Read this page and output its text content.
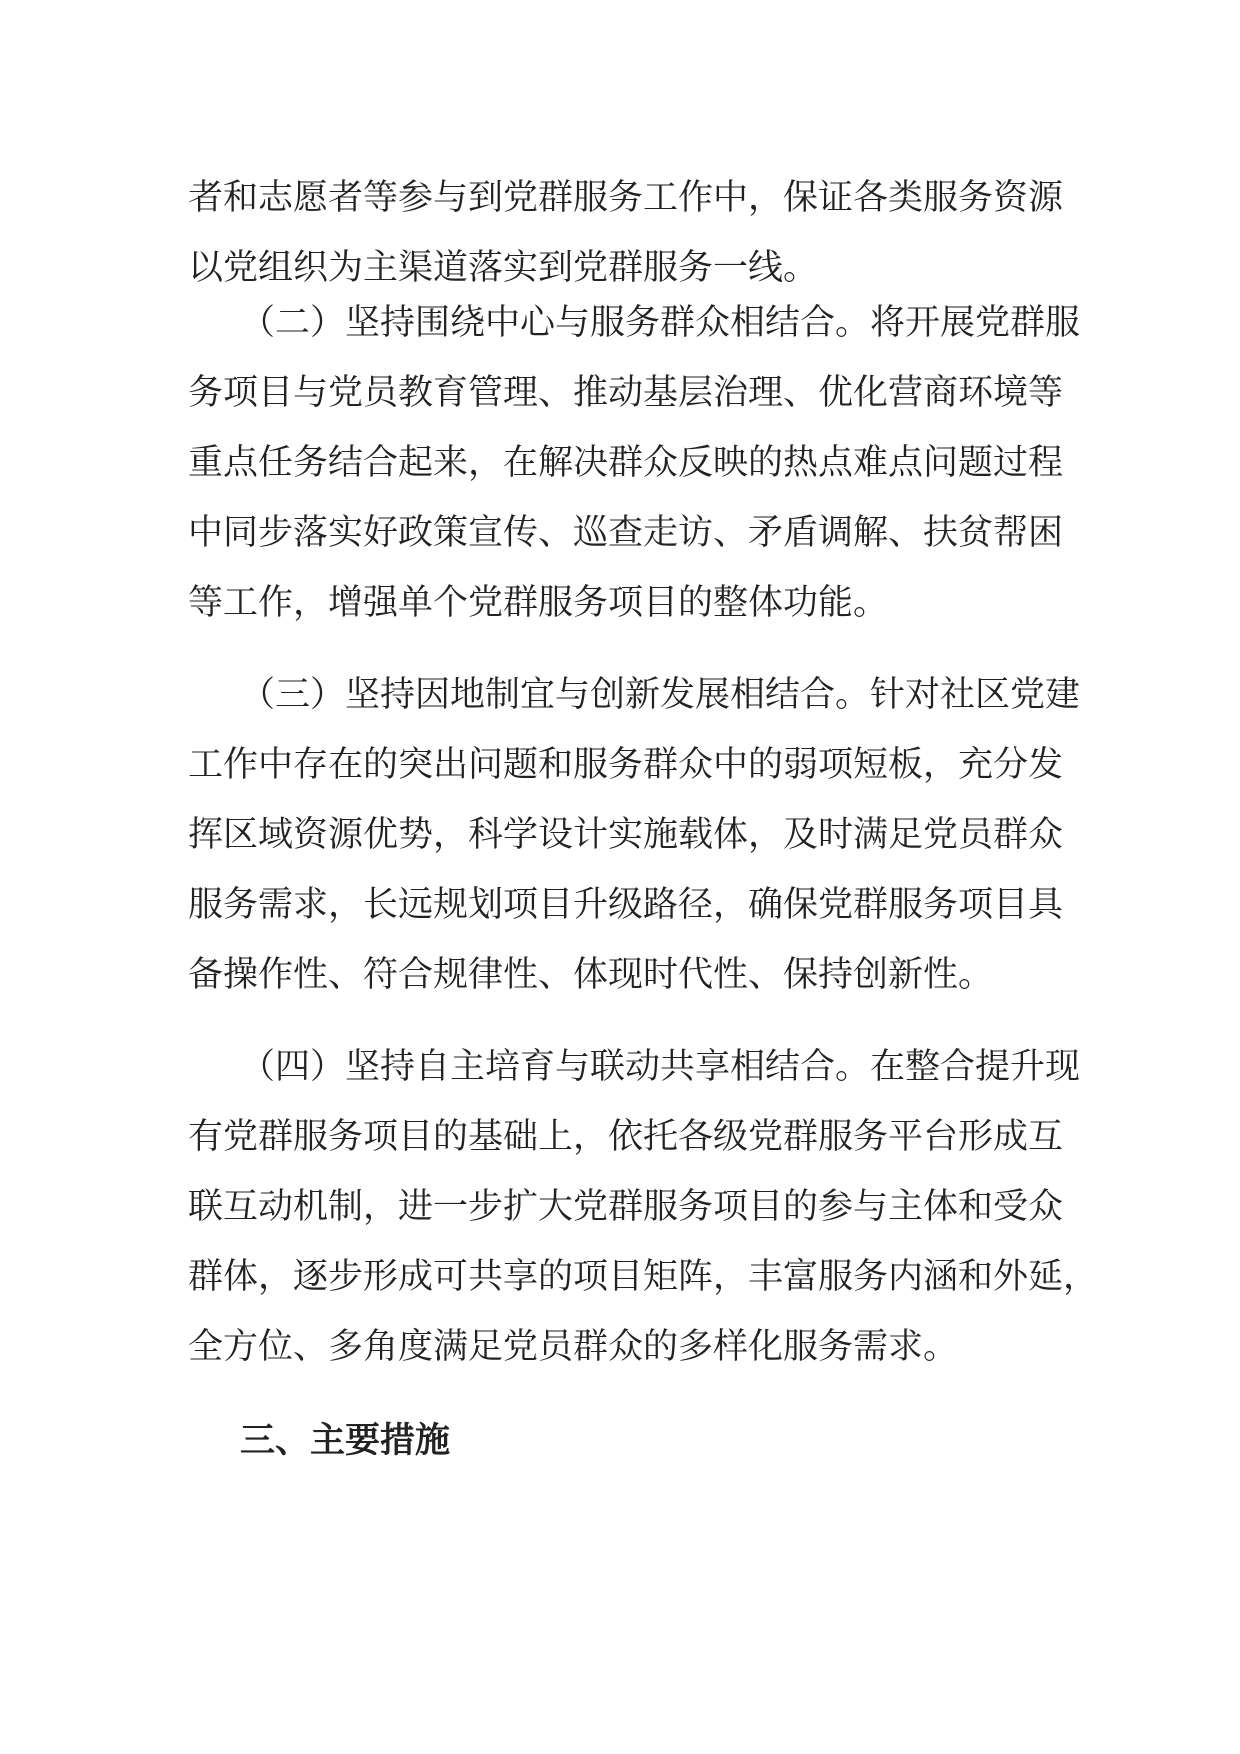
者和志愿者等参与到党群服务工作中，保证各类服务资源
以党组织为主渠道落实到党群服务一线。
（二）坚持围绕中心与服务群众相结合。将开展党群服
务项目与党员教育管理、推动基层治理、优化营商环境等
重点任务结合起来，在解决群众反映的热点难点问题过程
中同步落实好政策宣传、巡查走访、矛盾调解、扶贫帮困
等工作，增强单个党群服务项目的整体功能。
（三）坚持因地制宜与创新发展相结合。针对社区党建
工作中存在的突出问题和服务群众中的弱项短板，充分发
挥区域资源优势，科学设计实施载体，及时满足党员群众
服务需求，长远规划项目升级路径，确保党群服务项目具
备操作性、符合规律性、体现时代性、保持创新性。
（四）坚持自主培育与联动共享相结合。在整合提升现
有党群服务项目的基础上，依托各级党群服务平台形成互
联互动机制，进一步扩大党群服务项目的参与主体和受众
群体，逐步形成可共享的项目矩阵，丰富服务内涵和外延，
全方位、多角度满足党员群众的多样化服务需求。
三、主要措施
